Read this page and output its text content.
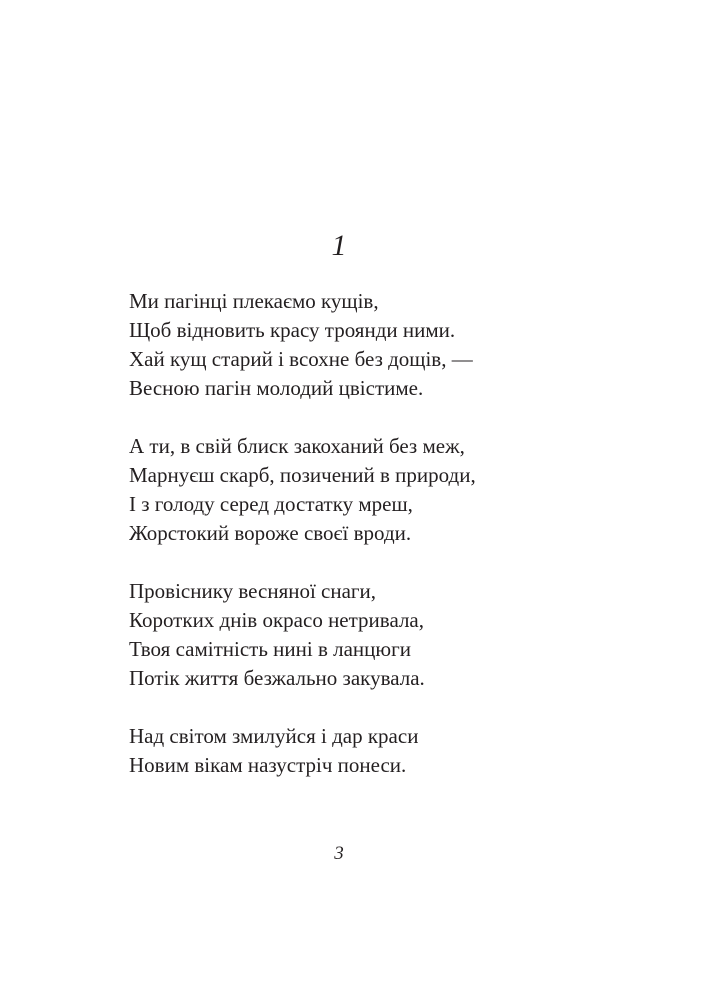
1
Ми пагінці плекаємо кущів,
Щоб відновить красу троянди ними.
Хай кущ старий і всохне без дощів, —
Весною пагін молодий цвістиме.
А ти, в свій блиск закоханий без меж,
Марнуєш скарб, позичений в природи,
І з голоду серед достатку мреш,
Жорстокий вороже своєї вроди.
Провіснику весняної снаги,
Коротких днів окрасо нетривала,
Твоя самітність нині в ланцюги
Потік життя безжально закувала.
Над світом змилуйся і дар краси
Новим вікам назустріч понеси.
3
